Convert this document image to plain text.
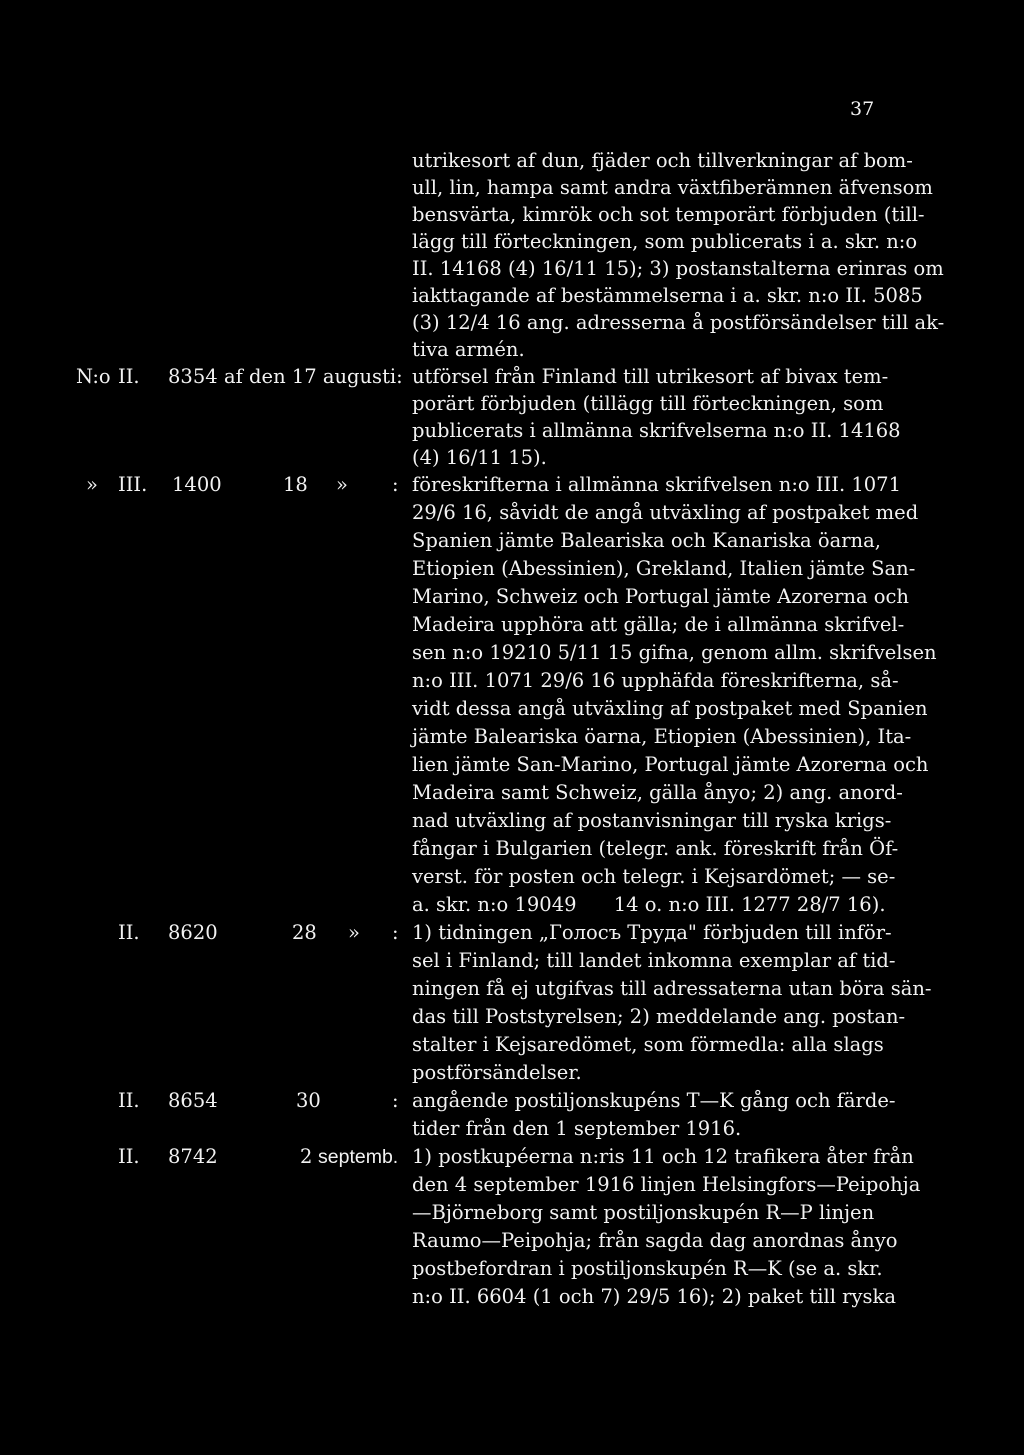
37
utrikesort af dun, fjäder och tillverkningar af bom-
ull, lin, hampa samt andra växtfiberämnen äfvensom
bensvärta, kimrök och sot temporärt förbjuden (till-
lägg till förteckningen, som publicerats i a. skr. n:o
II. 14168 (4) 16/11 15); 3) postanstalterna erinras om
iakttagande af bestämmelserna i a. skr. n:o II. 5085
(3) 12/4 16 ang. adresserna å postförsändelser till ak-
tiva armén.
N:o II. 8354 af den 17 augusti: utförsel från Finland till utrikesort af bivax tem-
porärt förbjuden (tillägg till förteckningen, som
publicerats i allmänna skrifvelserna n:o II. 14168
(4) 16/11 15).
» III. 1400	18 » : föreskrifterna i allmänna skrifvelsen n:o III. 1071
29/6 16, såvidt de angå utväxling af postpaket med
Spanien jämte Baleariska och Kanariska öarna,
Etiopien (Abessinien), Grekland, Italien jämte San-
Marino, Schweiz och Portugal jämte Azorerna och
Madeira upphöra att gälla; de i allmänna skrifvel-
sen n:o 19210 5/11 15 gifna, genom allm. skrifvelsen
n:o III. 1071 29/6 16 upphäfda föreskrifterna, så-
vidt dessa angå utväxling af postpaket med Spanien
jämte Baleariska öarna, Etiopien (Abessinien), Ita-
lien jämte San-Marino, Portugal jämte Azorerna och
Madeira samt Schweiz, gälla ånyo; 2) ang. anord-
nad utväxling af postanvisningar till ryska krigs-
fångar i Bulgarien (telegr. ank. föreskrift från Öf-
verst. för posten och telegr. i Kejsardömet; — se-
a. skr. n:o 19049      14 o. n:o III. 1277 28/7 16).
II. 8620	28 » : 1) tidningen „Голосъ Труда" förbjuden till inför-
sel i Finland; till landet inkomna exemplar af tid-
ningen få ej utgifvas till adressaterna utan böra sän-
das till Poststyrelsen; 2) meddelande ang. postan-
stalter i Kejsaredömet, som förmedla: alla slags
postförsändelser.
II. 8654	30	: angående postiljonskupéns T—K gång och färde-
tider från den 1 september 1916.
II. 8742	2 septemb. 1) postkupéerna n:ris 11 och 12 trafikera åter från
den 4 september 1916 linjen Helsingfors—Peipohja
—Björneborg samt postiljonskupén R—P linjen
Raumo—Peipohja; från sagda dag anordnas ånyo
postbefordran i postiljonskupén R—K (se a. skr.
n:o II. 6604 (1 och 7) 29/5 16); 2) paket till ryska
